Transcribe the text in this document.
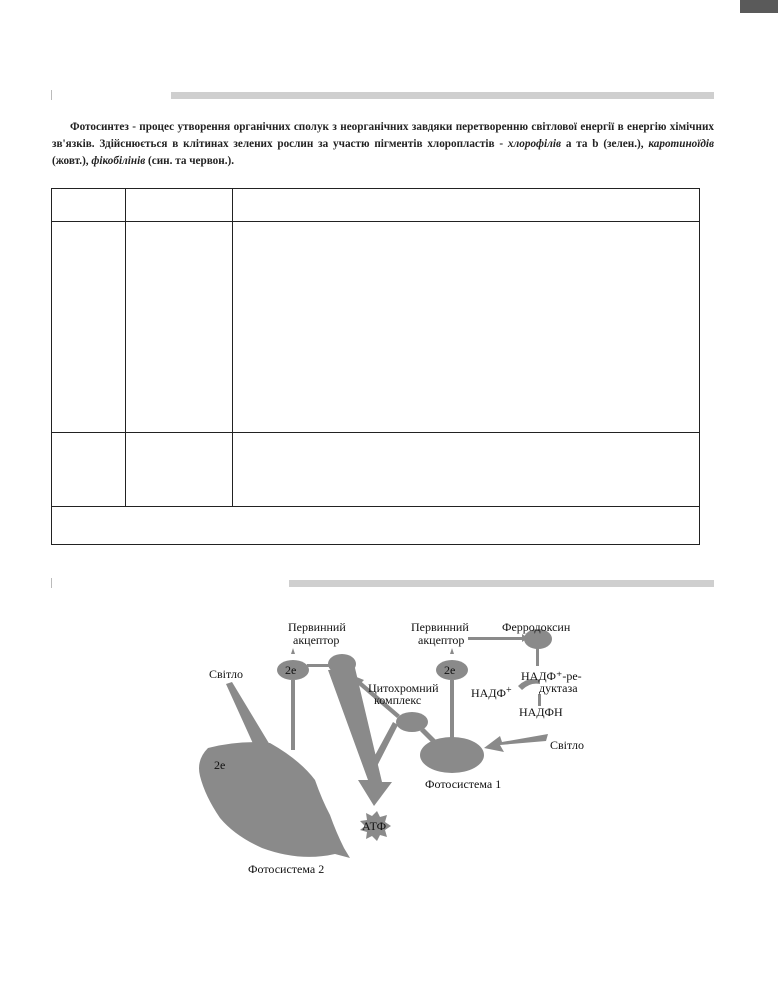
Фотосинтез - процес утворення органічних сполук з неорганічних завдяки перетворенню світлової енергії в енергію хімічних зв'язків. Здійснюється в клітинах зелених рослин за участю пігментів хлоропластів - хлорофілів а та b (зелен.), каротиноїдів (жовт.), фікобілінів (син. та червон.).

Первинний
акцептор
Первинний
акцептор
Ферродоксин
Світло	2e	2e
2e
Цитохромний
комплекс	НАДФ+
НАДФ⁺-ре-
дуктаза
НАДФН
Світло
Фотосистема 1
АТФ
Фотосистема 2
